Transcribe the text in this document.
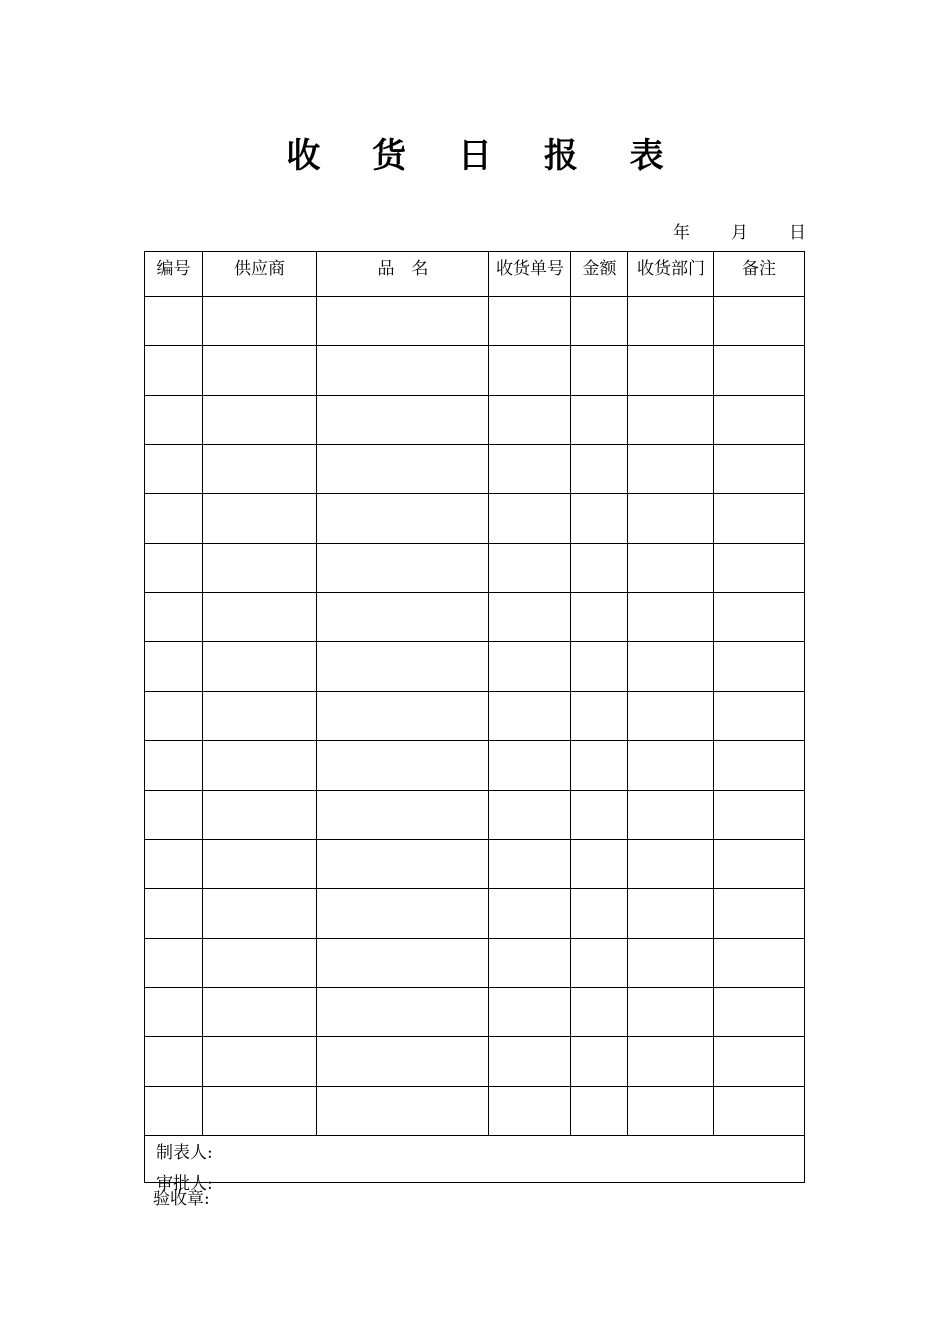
收 货 日 报 表
年 月 日
编号	供应商	品　名	收货单号	金额	收货部门	备注
制表人:
审批人:
验收章:
